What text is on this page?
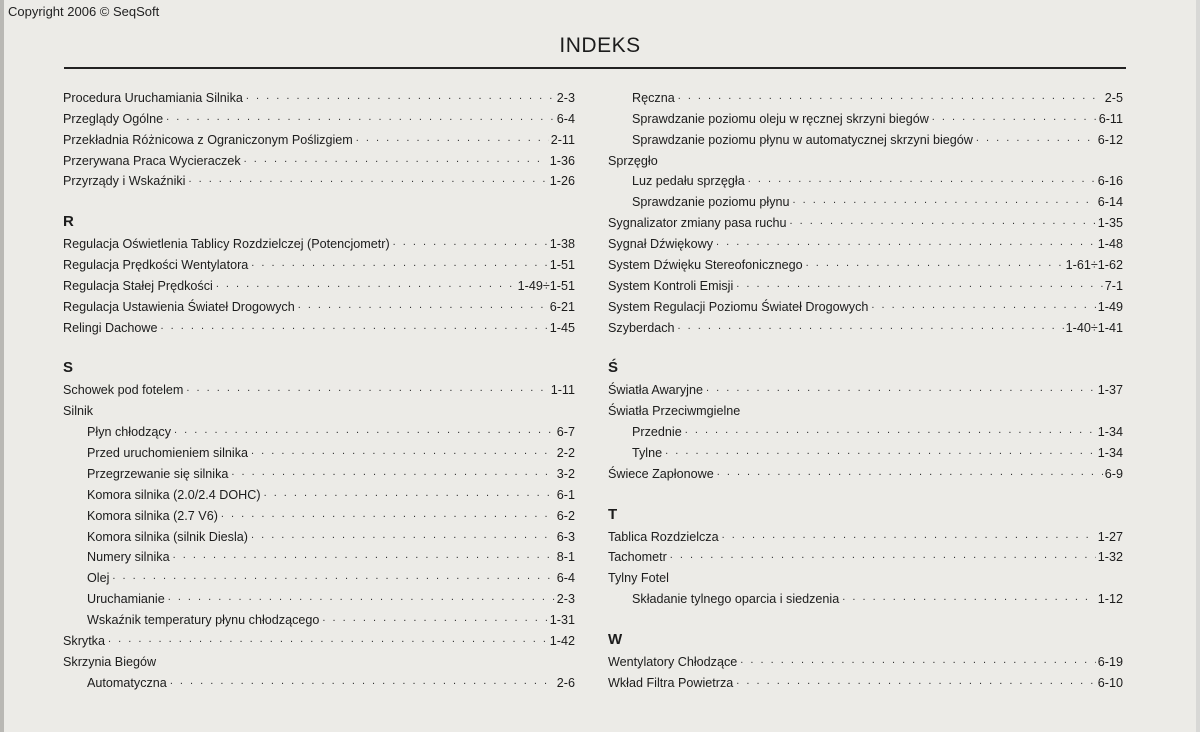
Copyright 2006 © SeqSoft
INDEKS
Procedura Uruchamiania Silnika . . .	2-3
Przeglądy Ogólne . . .	6-4
Przekładnia Różnicowa z Ograniczonym Poślizgiem . . .	2-11
Przerywana Praca Wycieraczek . . .	1-36
Przyrządy i Wskaźniki . . .	1-26
R
Regulacja Oświetlenia Tablicy Rozdzielczej (Potencjometr) . . .	1-38
Regulacja Prędkości Wentylatora . . .	1-51
Regulacja Stałej Prędkości . . .	1-49÷1-51
Regulacja Ustawienia Świateł Drogowych . . .	6-21
Relingi Dachowe . . .	1-45
S
Schowek pod fotelem . . .	1-11
Silnik
Płyn chłodzący . . .	6-7
Przed uruchomieniem silnika . . .	2-2
Przegrzewanie się silnika . . .	3-2
Komora silnika (2.0/2.4 DOHC) . . .	6-1
Komora silnika (2.7 V6) . . .	6-2
Komora silnika (silnik Diesla) . . .	6-3
Numery silnika . . .	8-1
Olej . . .	6-4
Uruchamianie . . .	2-3
Wskaźnik temperatury płynu chłodzącego . . .	1-31
Skrytka . . .	1-42
Skrzynia Biegów
Automatyczna . . .	2-6
Ręczna . . .	2-5
Sprawdzanie poziomu oleju w ręcznej skrzyni biegów . . .	6-11
Sprawdzanie poziomu płynu w automatycznej skrzyni biegów . . .	6-12
Sprzęgło
Luz pedału sprzęgła . . .	6-16
Sprawdzanie poziomu płynu . . .	6-14
Sygnalizator zmiany pasa ruchu . . .	1-35
Sygnał Dźwiękowy . . .	1-48
System Dźwięku Stereofonicznego . . .	1-61÷1-62
System Kontroli Emisji . . .	7-1
System Regulacji Poziomu Świateł Drogowych . . .	1-49
Szyberdach . . .	1-40÷1-41
Ś
Światła Awaryjne . . .	1-37
Światła Przeciwmgielne
Przednie . . .	1-34
Tylne . . .	1-34
Świece Zapłonowe . . .	6-9
T
Tablica Rozdzielcza . . .	1-27
Tachometr . . .	1-32
Tylny Fotel
Składanie tylnego oparcia i siedzenia . . .	1-12
W
Wentylatory Chłodzące . . .	6-19
Wkład Filtra Powietrza . . .	6-10
